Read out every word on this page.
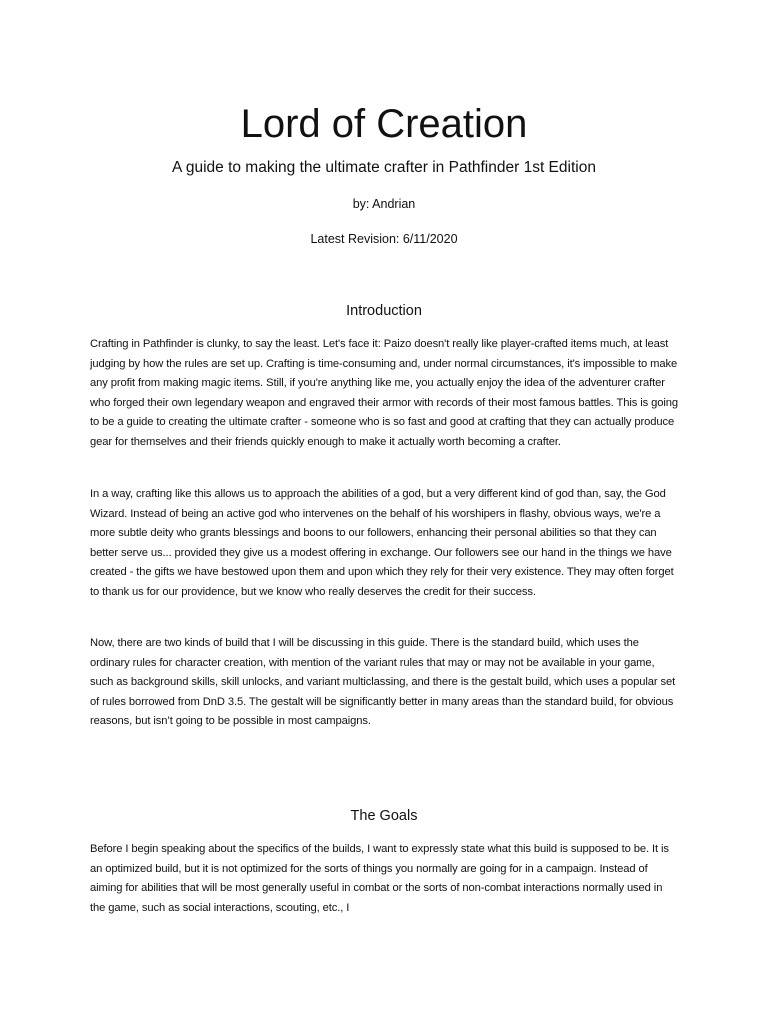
Lord of Creation

A guide to making the ultimate crafter in Pathfinder 1st Edition

by: Andrian

Latest Revision: 6/11/2020

Introduction

Crafting in Pathfinder is clunky, to say the least. Let's face it: Paizo doesn't really like player-crafted items much, at least judging by how the rules are set up. Crafting is time-consuming and, under normal circumstances, it's impossible to make any profit from making magic items. Still, if you're anything like me, you actually enjoy the idea of the adventurer crafter who forged their own legendary weapon and engraved their armor with records of their most famous battles. This is going to be a guide to creating the ultimate crafter - someone who is so fast and good at crafting that they can actually produce gear for themselves and their friends quickly enough to make it actually worth becoming a crafter.

In a way, crafting like this allows us to approach the abilities of a god, but a very different kind of god than, say, the God Wizard. Instead of being an active god who intervenes on the behalf of his worshipers in flashy, obvious ways, we're a more subtle deity who grants blessings and boons to our followers, enhancing their personal abilities so that they can better serve us... provided they give us a modest offering in exchange. Our followers see our hand in the things we have created - the gifts we have bestowed upon them and upon which they rely for their very existence. They may often forget to thank us for our providence, but we know who really deserves the credit for their success.

Now, there are two kinds of build that I will be discussing in this guide. There is the standard build, which uses the ordinary rules for character creation, with mention of the variant rules that may or may not be available in your game, such as background skills, skill unlocks, and variant multiclassing, and there is the gestalt build, which uses a popular set of rules borrowed from DnD 3.5. The gestalt will be significantly better in many areas than the standard build, for obvious reasons, but isn’t going to be possible in most campaigns.

The Goals

Before I begin speaking about the specifics of the builds, I want to expressly state what this build is supposed to be. It is an optimized build, but it is not optimized for the sorts of things you normally are going for in a campaign. Instead of aiming for abilities that will be most generally useful in combat or the sorts of non-combat interactions normally used in the game, such as social interactions, scouting, etc., I
